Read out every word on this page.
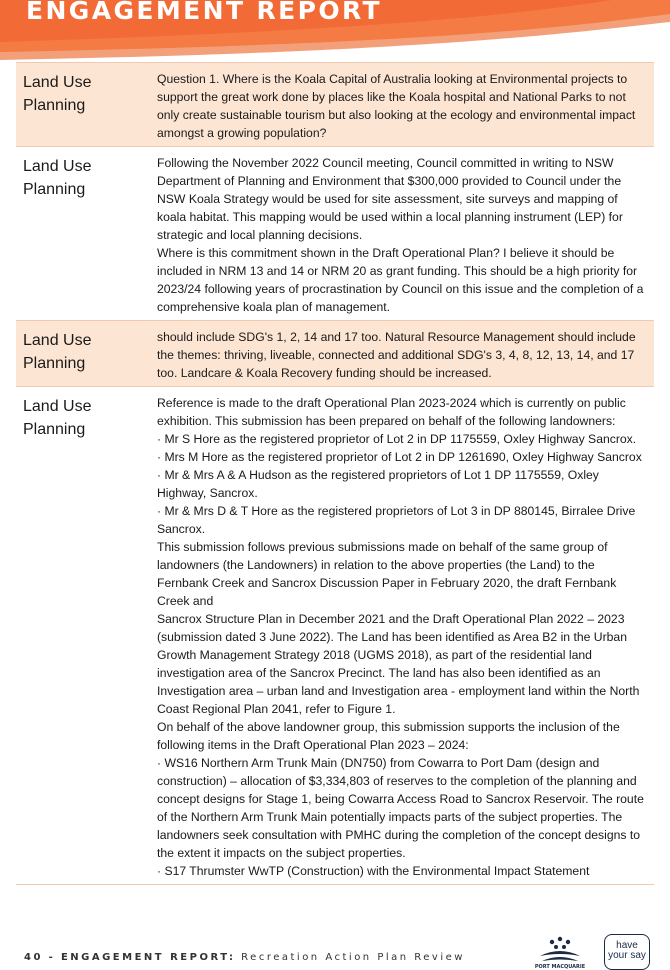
ENGAGEMENT REPORT
Land Use Planning

Question 1. Where is the Koala Capital of Australia looking at Environmental projects to support the great work done by places like the Koala hospital and National Parks to not only create sustainable tourism but also looking at the ecology and environmental impact amongst a growing population?

Land Use Planning

Following the November 2022 Council meeting, Council committed in writing to NSW Department of Planning and Environment that $300,000 provided to Council under the NSW Koala Strategy would be used for site assessment, site surveys and mapping of koala habitat. This mapping would be used within a local planning instrument (LEP) for strategic and local planning decisions.

Where is this commitment shown in the Draft Operational Plan? I believe it should be included in NRM 13 and 14 or NRM 20 as grant funding. This should be a high priority for 2023/24 following years of procrastination by Council on this issue and the completion of a comprehensive koala plan of management.

Land Use Planning

should include SDG's 1, 2, 14 and 17 too. Natural Resource Management should include the themes: thriving, liveable, connected and additional SDG's 3, 4, 8, 12, 13, 14, and 17 too. Landcare & Koala Recovery funding should be increased.

Land Use Planning

Reference is made to the draft Operational Plan 2023-2024 which is currently on public exhibition. This submission has been prepared on behalf of the following landowners:

· Mr S Hore as the registered proprietor of Lot 2 in DP 1175559, Oxley Highway Sancrox.

· Mrs M Hore as the registered proprietor of Lot 2 in DP 1261690, Oxley Highway Sancrox

· Mr & Mrs A & A Hudson as the registered proprietors of Lot 1 DP 1175559, Oxley Highway, Sancrox.

· Mr & Mrs D & T Hore as the registered proprietors of Lot 3 in DP 880145, Birralee Drive Sancrox.

This submission follows previous submissions made on behalf of the same group of landowners (the Landowners) in relation to the above properties (the Land) to the Fernbank Creek and Sancrox Discussion Paper in February 2020, the draft Fernbank Creek and

Sancrox Structure Plan in December 2021 and the Draft Operational Plan 2022 – 2023 (submission dated 3 June 2022). The Land has been identified as Area B2 in the Urban Growth Management Strategy 2018 (UGMS 2018), as part of the residential land investigation area of the Sancrox Precinct. The land has also been identified as an Investigation area – urban land and Investigation area - employment land within the North Coast Regional Plan 2041, refer to Figure 1.

On behalf of the above landowner group, this submission supports the inclusion of the following items in the Draft Operational Plan 2023 – 2024:

· WS16 Northern Arm Trunk Main (DN750) from Cowarra to Port Dam (design and construction) – allocation of $3,334,803 of reserves to the completion of the planning and concept designs for Stage 1, being Cowarra Access Road to Sancrox Reservoir. The route of the Northern Arm Trunk Main potentially impacts parts of the subject properties. The landowners seek consultation with PMHC during the completion of the concept designs to the extent it impacts on the subject properties.

· S17 Thrumster WwTP (Construction) with the Environmental Impact Statement

40 - ENGAGEMENT REPORT: Recreation Action Plan Review
PORT MACQUARIE
have
your say
